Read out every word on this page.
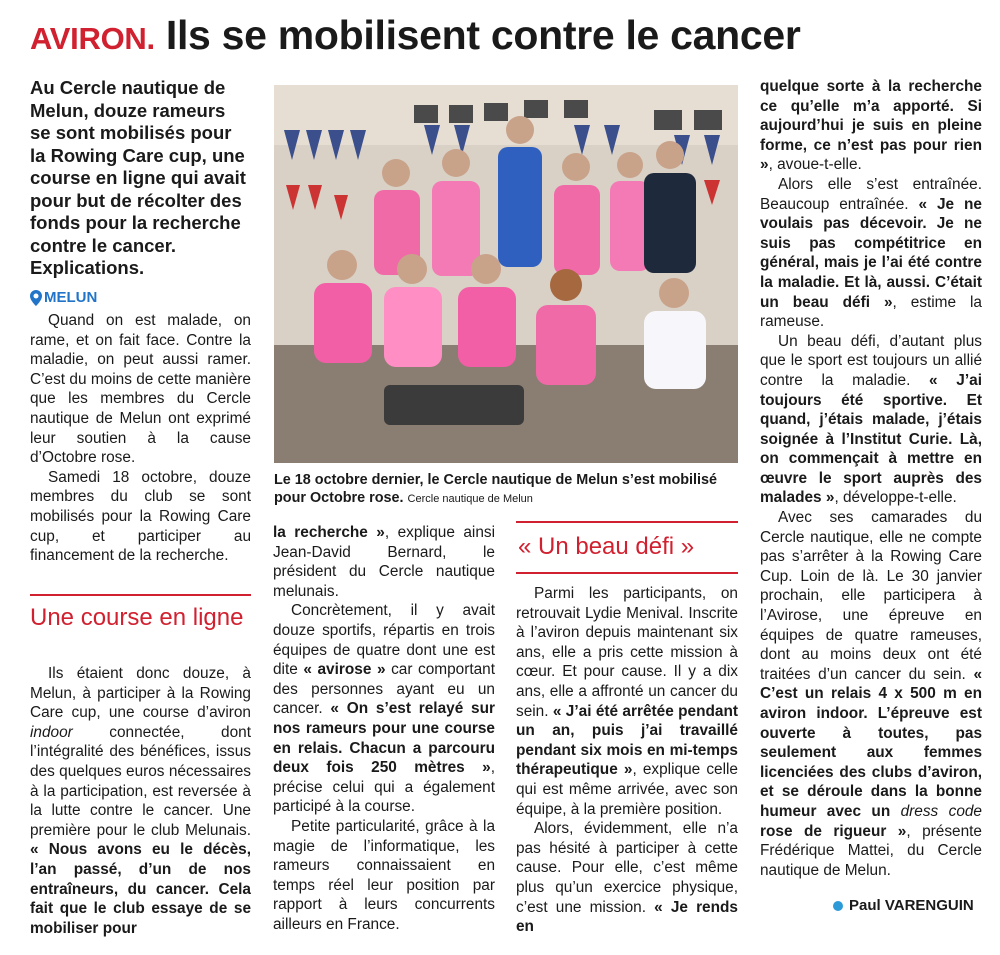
AVIRON. Ils se mobilisent contre le cancer
Au Cercle nautique de Melun, douze rameurs se sont mobilisés pour la Rowing Care cup, une course en ligne qui avait pour but de récolter des fonds pour la recherche contre le cancer. Explications.
MELUN

Quand on est malade, on rame, et on fait face. Contre la maladie, on peut aussi ramer. C’est du moins de cette manière que les membres du Cercle nautique de Melun ont exprimé leur soutien à la cause d’Octobre rose.

Samedi 18 octobre, douze membres du club se sont mobilisés pour la Rowing Care cup, et participer au financement de la recherche.

Une course en ligne

Ils étaient donc douze, à Melun, à participer à la Rowing Care cup, une course d’aviron indoor connectée, dont l’intégralité des bénéfices, issus des quelques euros nécessaires à la participation, est reversée à la lutte contre le cancer. Une première pour le club Melunais. « Nous avons eu le décès, l’an passé, d’un de nos entraîneurs, du cancer. Cela fait que le club essaye de se mobiliser pour

Le 18 octobre dernier, le Cercle nautique de Melun s’est mobilisé pour Octobre rose. Cercle nautique de Melun

la recherche », explique ainsi Jean-David Bernard, le président du Cercle nautique melunais.

Concrètement, il y avait douze sportifs, répartis en trois équipes de quatre dont une est dite « avirose » car comportant des personnes ayant eu un cancer. « On s’est relayé sur nos rameurs pour une course en relais. Chacun a parcouru deux fois 250 mètres », précise celui qui a également participé à la course.

Petite particularité, grâce à la magie de l’informatique, les rameurs connaissaient en temps réel leur position par rapport à leurs concurrents ailleurs en France.

« Un beau défi »

Parmi les participants, on retrouvait Lydie Menival. Inscrite à l’aviron depuis maintenant six ans, elle a pris cette mission à cœur. Et pour cause. Il y a dix ans, elle a affronté un cancer du sein. « J’ai été arrêtée pendant un an, puis j’ai travaillé pendant six mois en mi-temps thérapeutique », explique celle qui est même arrivée, avec son équipe, à la première position.

Alors, évidemment, elle n’a pas hésité à participer à cette cause. Pour elle, c’est même plus qu’un exercice physique, c’est une mission. « Je rends en

quelque sorte à la recherche ce qu’elle m’a apporté. Si aujourd’hui je suis en pleine forme, ce n’est pas pour rien », avoue-t-elle.

Alors elle s’est entraînée. Beaucoup entraînée. « Je ne voulais pas décevoir. Je ne suis pas compétitrice en général, mais je l’ai été contre la maladie. Et là, aussi. C’était un beau défi », estime la rameuse.

Un beau défi, d’autant plus que le sport est toujours un allié contre la maladie. « J’ai toujours été sportive. Et quand, j’étais malade, j’étais soignée à l’Institut Curie. Là, on commençait à mettre en œuvre le sport auprès des malades », développe-t-elle.

Avec ses camarades du Cercle nautique, elle ne compte pas s’arrêter à la Rowing Care Cup. Loin de là. Le 30 janvier prochain, elle participera à l’Avirose, une épreuve en équipes de quatre rameuses, dont au moins deux ont été traitées d’un cancer du sein. « C’est un relais 4 x 500 m en aviron indoor. L’épreuve est ouverte à toutes, pas seulement aux femmes licenciées des clubs d’aviron, et se déroule dans la bonne humeur avec un dress code rose de rigueur », présente Frédérique Mattei, du Cercle nautique de Melun.

Paul VARENGUIN
